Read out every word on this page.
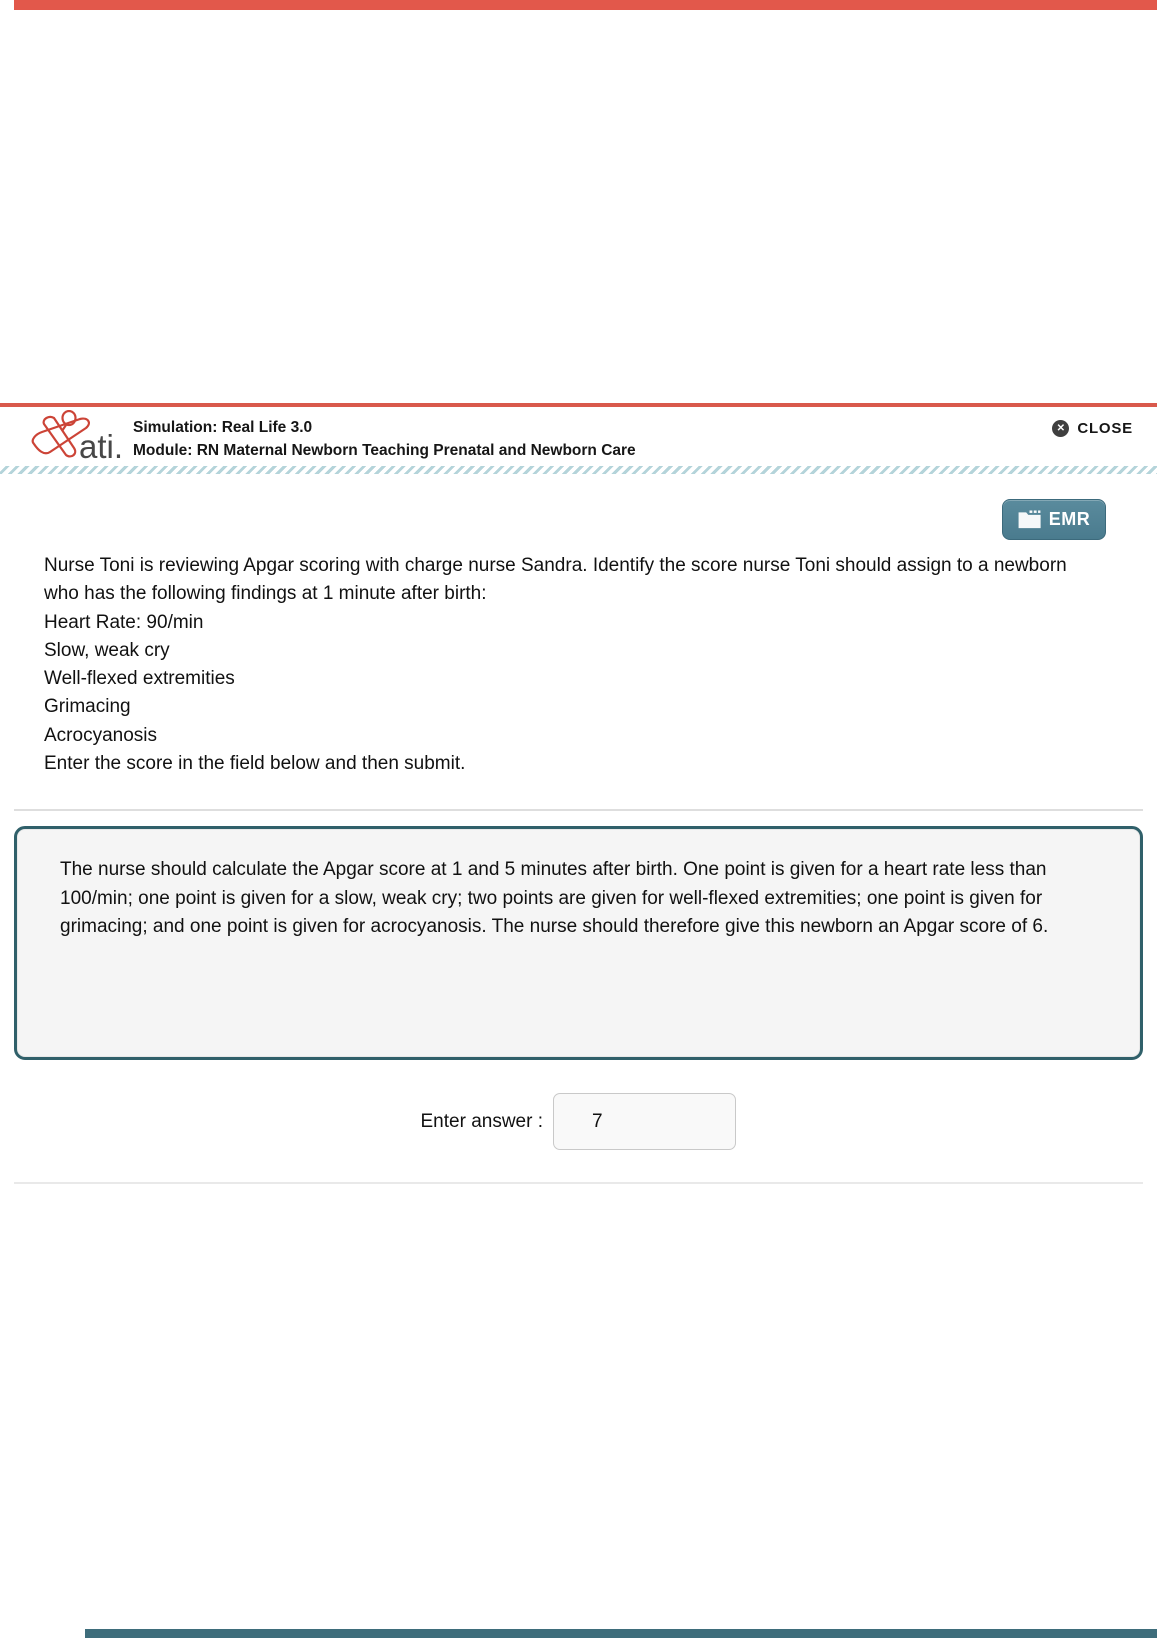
ati.
Simulation: Real Life 3.0
Module: RN Maternal Newborn Teaching Prenatal and Newborn Care
✕ CLOSE
EMR
Nurse Toni is reviewing Apgar scoring with charge nurse Sandra. Identify the score nurse Toni should assign to a newborn who has the following findings at 1 minute after birth:
Heart Rate: 90/min
Slow, weak cry
Well-flexed extremities
Grimacing
Acrocyanosis
Enter the score in the field below and then submit.
The nurse should calculate the Apgar score at 1 and 5 minutes after birth. One point is given for a heart rate less than 100/min; one point is given for a slow, weak cry; two points are given for well-flexed extremities; one point is given for grimacing; and one point is given for acrocyanosis. The nurse should therefore give this newborn an Apgar score of 6.
Enter answer :
7
